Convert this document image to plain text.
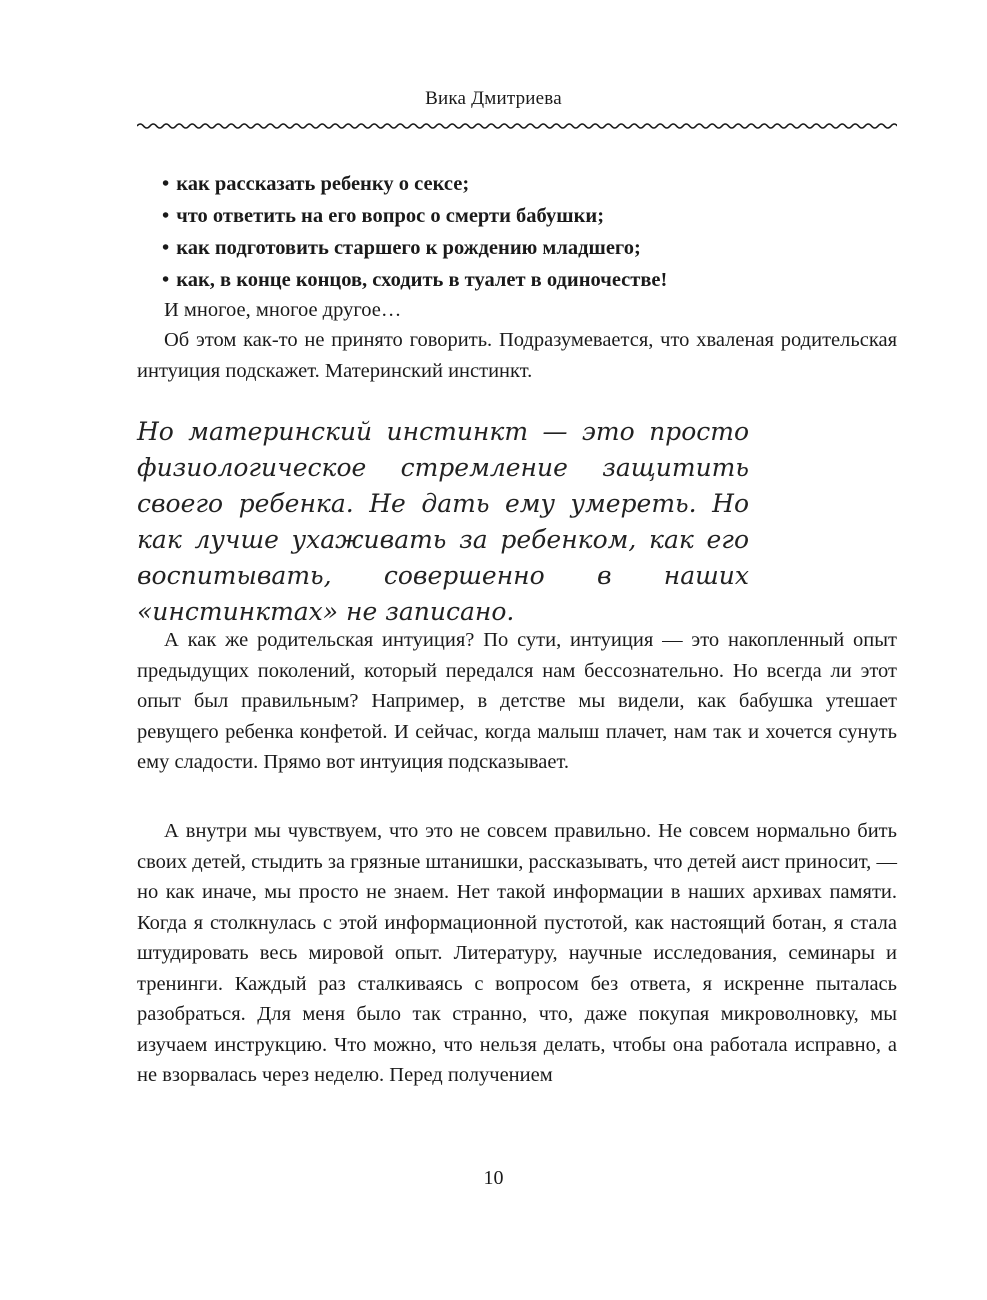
Вика Дмитриева
• как рассказать ребенку о сексе;
• что ответить на его вопрос о смерти бабушки;
• как подготовить старшего к рождению младшего;
• как, в конце концов, сходить в туалет в одиночестве!

И многое, многое другое…

Об этом как-то не принято говорить. Подразумевается, что хваленая родительская интуиция подскажет. Материнский инстинкт.

Но материнский инстинкт — это просто физиологическое стремление защитить своего ребенка. Не дать ему умереть. Но как лучше ухаживать за ребенком, как его воспитывать, совершенно в наших «инстинктах» не записано.

А как же родительская интуиция? По сути, интуиция — это накопленный опыт предыдущих поколений, который передался нам бессознательно. Но всегда ли этот опыт был правильным? Например, в детстве мы видели, как бабушка утешает ревущего ребенка конфетой. И сейчас, когда малыш плачет, нам так и хочется сунуть ему сладости. Прямо вот интуиция подсказывает.

А внутри мы чувствуем, что это не совсем правильно. Не совсем нормально бить своих детей, стыдить за грязные штанишки, рассказывать, что детей аист приносит, — но как иначе, мы просто не знаем. Нет такой информации в наших архивах памяти. Когда я столкнулась с этой информационной пустотой, как настоящий ботан, я стала штудировать весь мировой опыт. Литературу, научные исследования, семинары и тренинги. Каждый раз сталкиваясь с вопросом без ответа, я искренне пыталась разобраться. Для меня было так странно, что, даже покупая микроволновку, мы изучаем инструкцию. Что можно, что нельзя делать, чтобы она работала исправно, а не взорвалась через неделю. Перед получением

10
